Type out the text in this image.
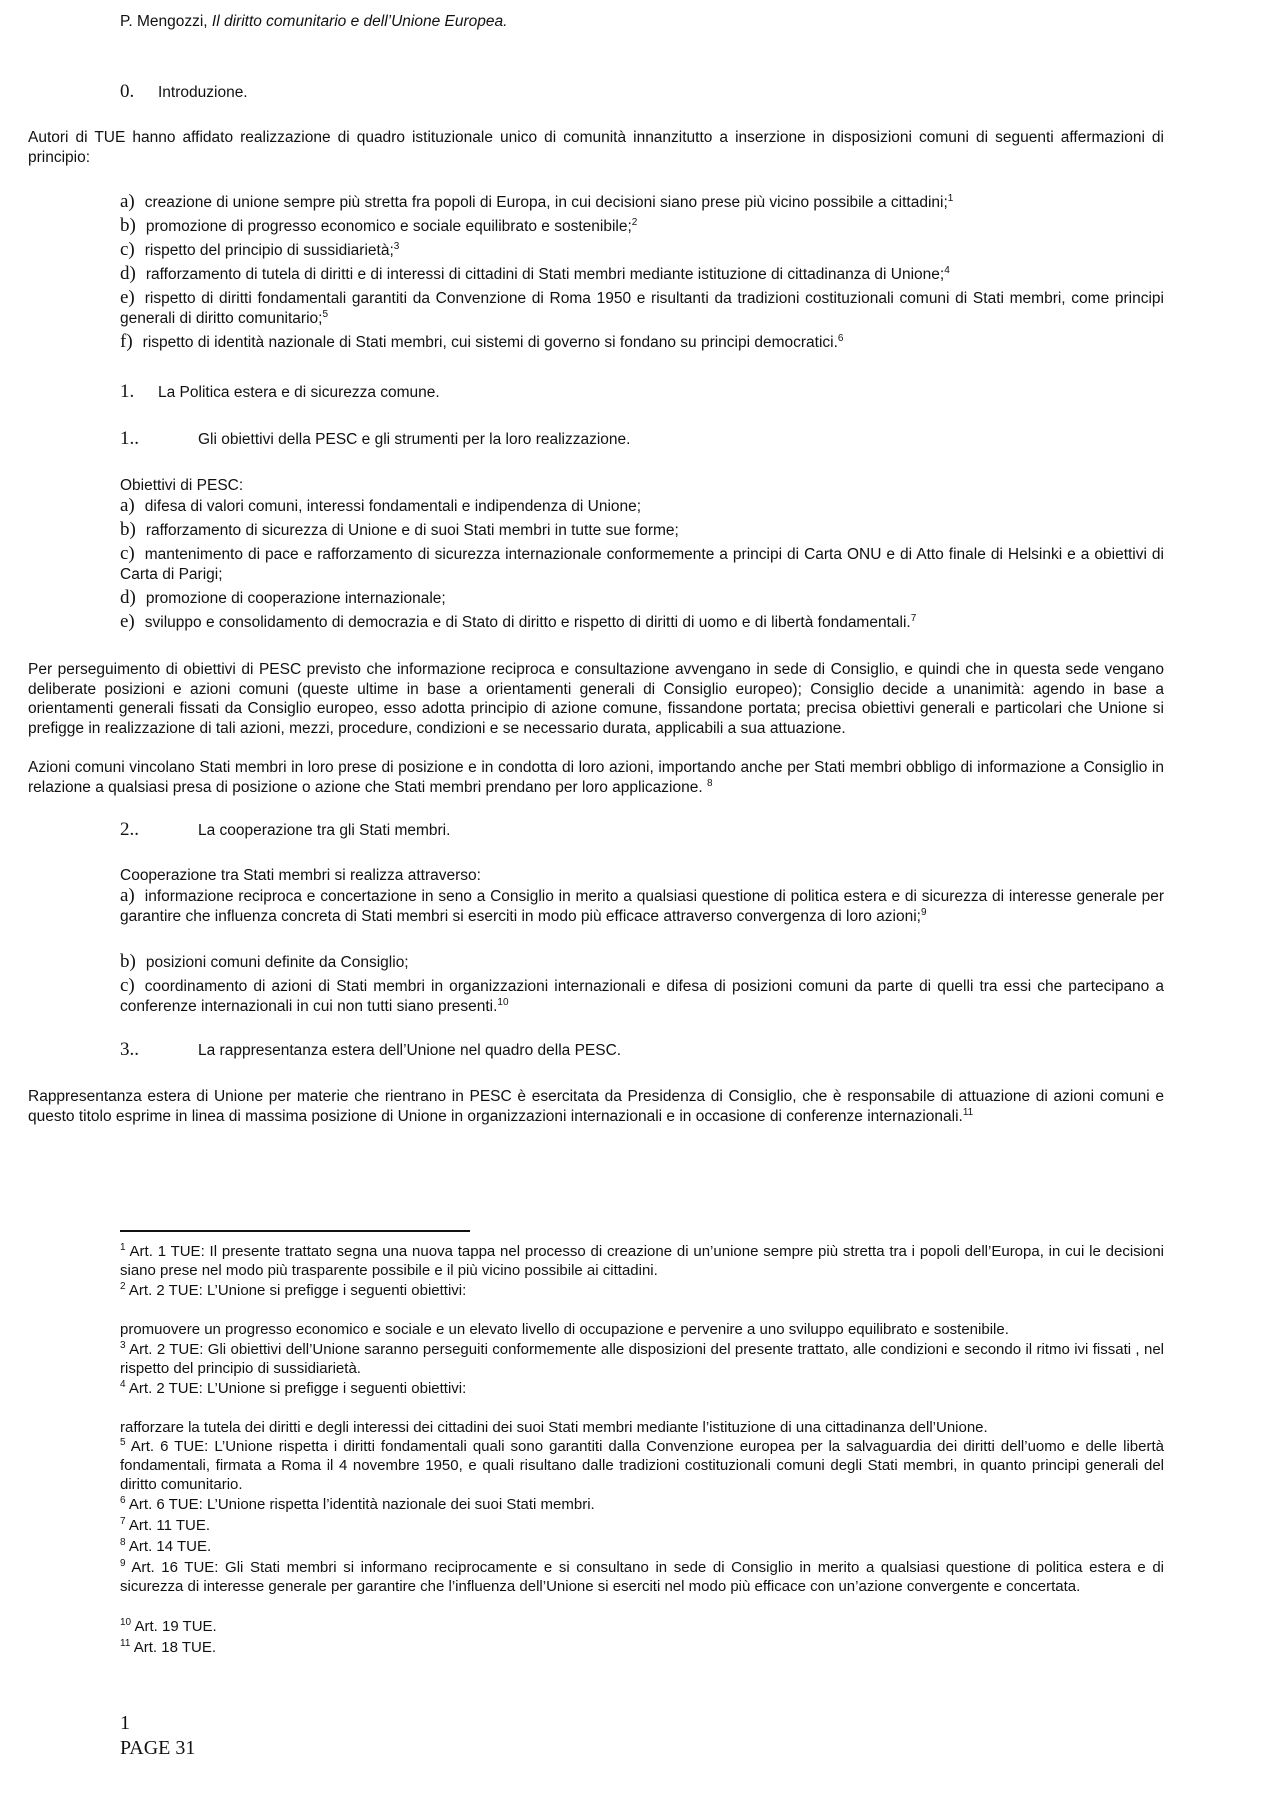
P. Mengozzi, Il diritto comunitario e dell’Unione Europea.
0. Introduzione.

Autori di TUE hanno affidato realizzazione di quadro istituzionale unico di comunità innanzitutto a inserzione in disposizioni comuni di seguenti affermazioni di principio:

a) creazione di unione sempre più stretta fra popoli di Europa, in cui decisioni siano prese più vicino possibile a cittadini;$^1$

b) promozione di progresso economico e sociale equilibrato e sostenibile;$^2$

c) rispetto del principio di sussidiarietà;$^3$

d) rafforzamento di tutela di diritti e di interessi di cittadini di Stati membri mediante istituzione di cittadinanza di Unione;$^4$

e) rispetto di diritti fondamentali garantiti da Convenzione di Roma 1950 e risultanti da tradizioni costituzionali comuni di Stati membri, come principi generali di diritto comunitario;$^5$

f) rispetto di identità nazionale di Stati membri, cui sistemi di governo si fondano su principi democratici.$^6$

1. La Politica estera e di sicurezza comune.
1..	Gli obiettivi della PESC e gli strumenti per la loro realizzazione.

Obiettivi di PESC:

a) difesa di valori comuni, interessi fondamentali e indipendenza di Unione;

b) rafforzamento di sicurezza di Unione e di suoi Stati membri in tutte sue forme;

c) mantenimento di pace e rafforzamento di sicurezza internazionale conformemente a principi di Carta ONU e di Atto finale di Helsinki e a obiettivi di Carta di Parigi;

d) promozione di cooperazione internazionale;

e) sviluppo e consolidamento di democrazia e di Stato di diritto e rispetto di diritti di uomo e di libertà fondamentali.$^7$

Per perseguimento di obiettivi di PESC previsto che informazione reciproca e consultazione avvengano in sede di Consiglio, e quindi che in questa sede vengano deliberate posizioni e azioni comuni (queste ultime in base a orientamenti generali di Consiglio europeo); Consiglio decide a unanimità: agendo in base a orientamenti generali fissati da Consiglio europeo, esso adotta principio di azione comune, fissandone portata; precisa obiettivi generali e particolari che Unione si prefigge in realizzazione di tali azioni, mezzi, procedure, condizioni e se necessario durata, applicabili a sua attuazione.

Azioni comuni vincolano Stati membri in loro prese di posizione e in condotta di loro azioni, importando anche per Stati membri obbligo di informazione a Consiglio in relazione a qualsiasi presa di posizione o azione che Stati membri prendano per loro applicazione. $^8$

2..	La cooperazione tra gli Stati membri.

Cooperazione tra Stati membri si realizza attraverso:

a) informazione reciproca e concertazione in seno a Consiglio in merito a qualsiasi questione di politica estera e di sicurezza di interesse generale per garantire che influenza concreta di Stati membri si eserciti in modo più efficace attraverso convergenza di loro azioni;$^9$

b) posizioni comuni definite da Consiglio;

c) coordinamento di azioni di Stati membri in organizzazioni internazionali e difesa di posizioni comuni da parte di quelli tra essi che partecipano a conferenze internazionali in cui non tutti siano presenti.$^{10}$

3..	La rappresentanza estera dell’Unione nel quadro della PESC.

Rappresentanza estera di Unione per materie che rientrano in PESC è esercitata da Presidenza di Consiglio, che è responsabile di attuazione di azioni comuni e questo titolo esprime in linea di massima posizione di Unione in organizzazioni internazionali e in occasione di conferenze internazionali.$^{11}$

$^1$ Art. 1 TUE: Il presente trattato segna una nuova tappa nel processo di creazione di un’unione sempre più stretta tra i popoli dell’Europa, in cui le decisioni siano prese nel modo più trasparente possibile e il più vicino possibile ai cittadini.

$^2$ Art. 2 TUE: L’Unione si prefigge i seguenti obiettivi:

promuovere un progresso economico e sociale e un elevato livello di occupazione e pervenire a uno sviluppo equilibrato e sostenibile.

$^3$ Art. 2 TUE: Gli obiettivi dell’Unione saranno perseguiti conformemente alle disposizioni del presente trattato, alle condizioni e secondo il ritmo ivi fissati , nel rispetto del principio di sussidiarietà.

$^4$ Art. 2 TUE: L’Unione si prefigge i seguenti obiettivi:

rafforzare la tutela dei diritti e degli interessi dei cittadini dei suoi Stati membri mediante l’istituzione di una cittadinanza dell’Unione.

$^5$ Art. 6 TUE: L’Unione rispetta i diritti fondamentali quali sono garantiti dalla Convenzione europea per la salvaguardia dei diritti dell’uomo e delle libertà fondamentali, firmata a Roma il 4 novembre 1950, e quali risultano dalle tradizioni costituzionali comuni degli Stati membri, in quanto principi generali del diritto comunitario.

$^6$ Art. 6 TUE: L’Unione rispetta l’identità nazionale dei suoi Stati membri.

$^7$ Art. 11 TUE.

$^8$ Art. 14 TUE.

$^9$ Art. 16 TUE: Gli Stati membri si informano reciprocamente e si consultano in sede di Consiglio in merito a qualsiasi questione di politica estera e di sicurezza di interesse generale per garantire che l’influenza dell’Unione si eserciti nel modo più efficace con un’azione convergente e concertata.

$^{10}$ Art. 19 TUE.

$^{11}$ Art. 18 TUE.

1
PAGE 31
